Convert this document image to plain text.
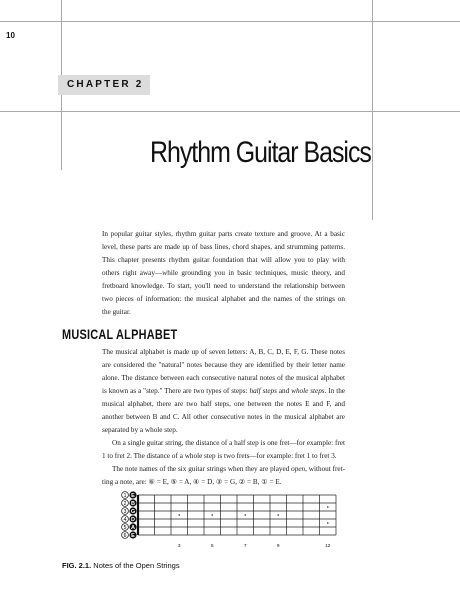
10
CHAPTER 2
Rhythm Guitar Basics
In popular guitar styles, rhythm guitar parts create texture and groove. At a basic
level, these parts are made up of bass lines, chord shapes, and strumming patterns.
This chapter presents rhythm guitar foundation that will allow you to play with
others right away—while grounding you in basic techniques, music theory, and
fretboard knowledge. To start, you'll need to understand the relationship between
two pieces of information: the musical alphabet and the names of the strings on
the guitar.
MUSICAL ALPHABET
The musical alphabet is made up of seven letters: A, B, C, D, E, F, G. These notes
are considered the "natural" notes because they are identified by their letter name
alone. The distance between each consecutive natural notes of the musical alphabet
is known as a "step." There are two types of steps: half steps and whole steps. In the
musical alphabet, there are two half steps, one between the notes E and F, and
another between B and C. All other consecutive notes in the musical alphabet are
separated by a whole step.
On a single guitar string, the distance of a half step is one fret—for example: fret
1 to fret 2. The distance of a whole step is two frets—for example: fret 1 to fret 3.
The note names of the six guitar strings when they are played open, without fret-
ting a note, are: ⑥ = E, ⑤ = A, ④ = D, ③ = G, ② = B, ① = E.
1 E
2 B
3 G
4 D
5 A
6 E
3	5	7	9	12
FIG. 2.1. Notes of the Open Strings
